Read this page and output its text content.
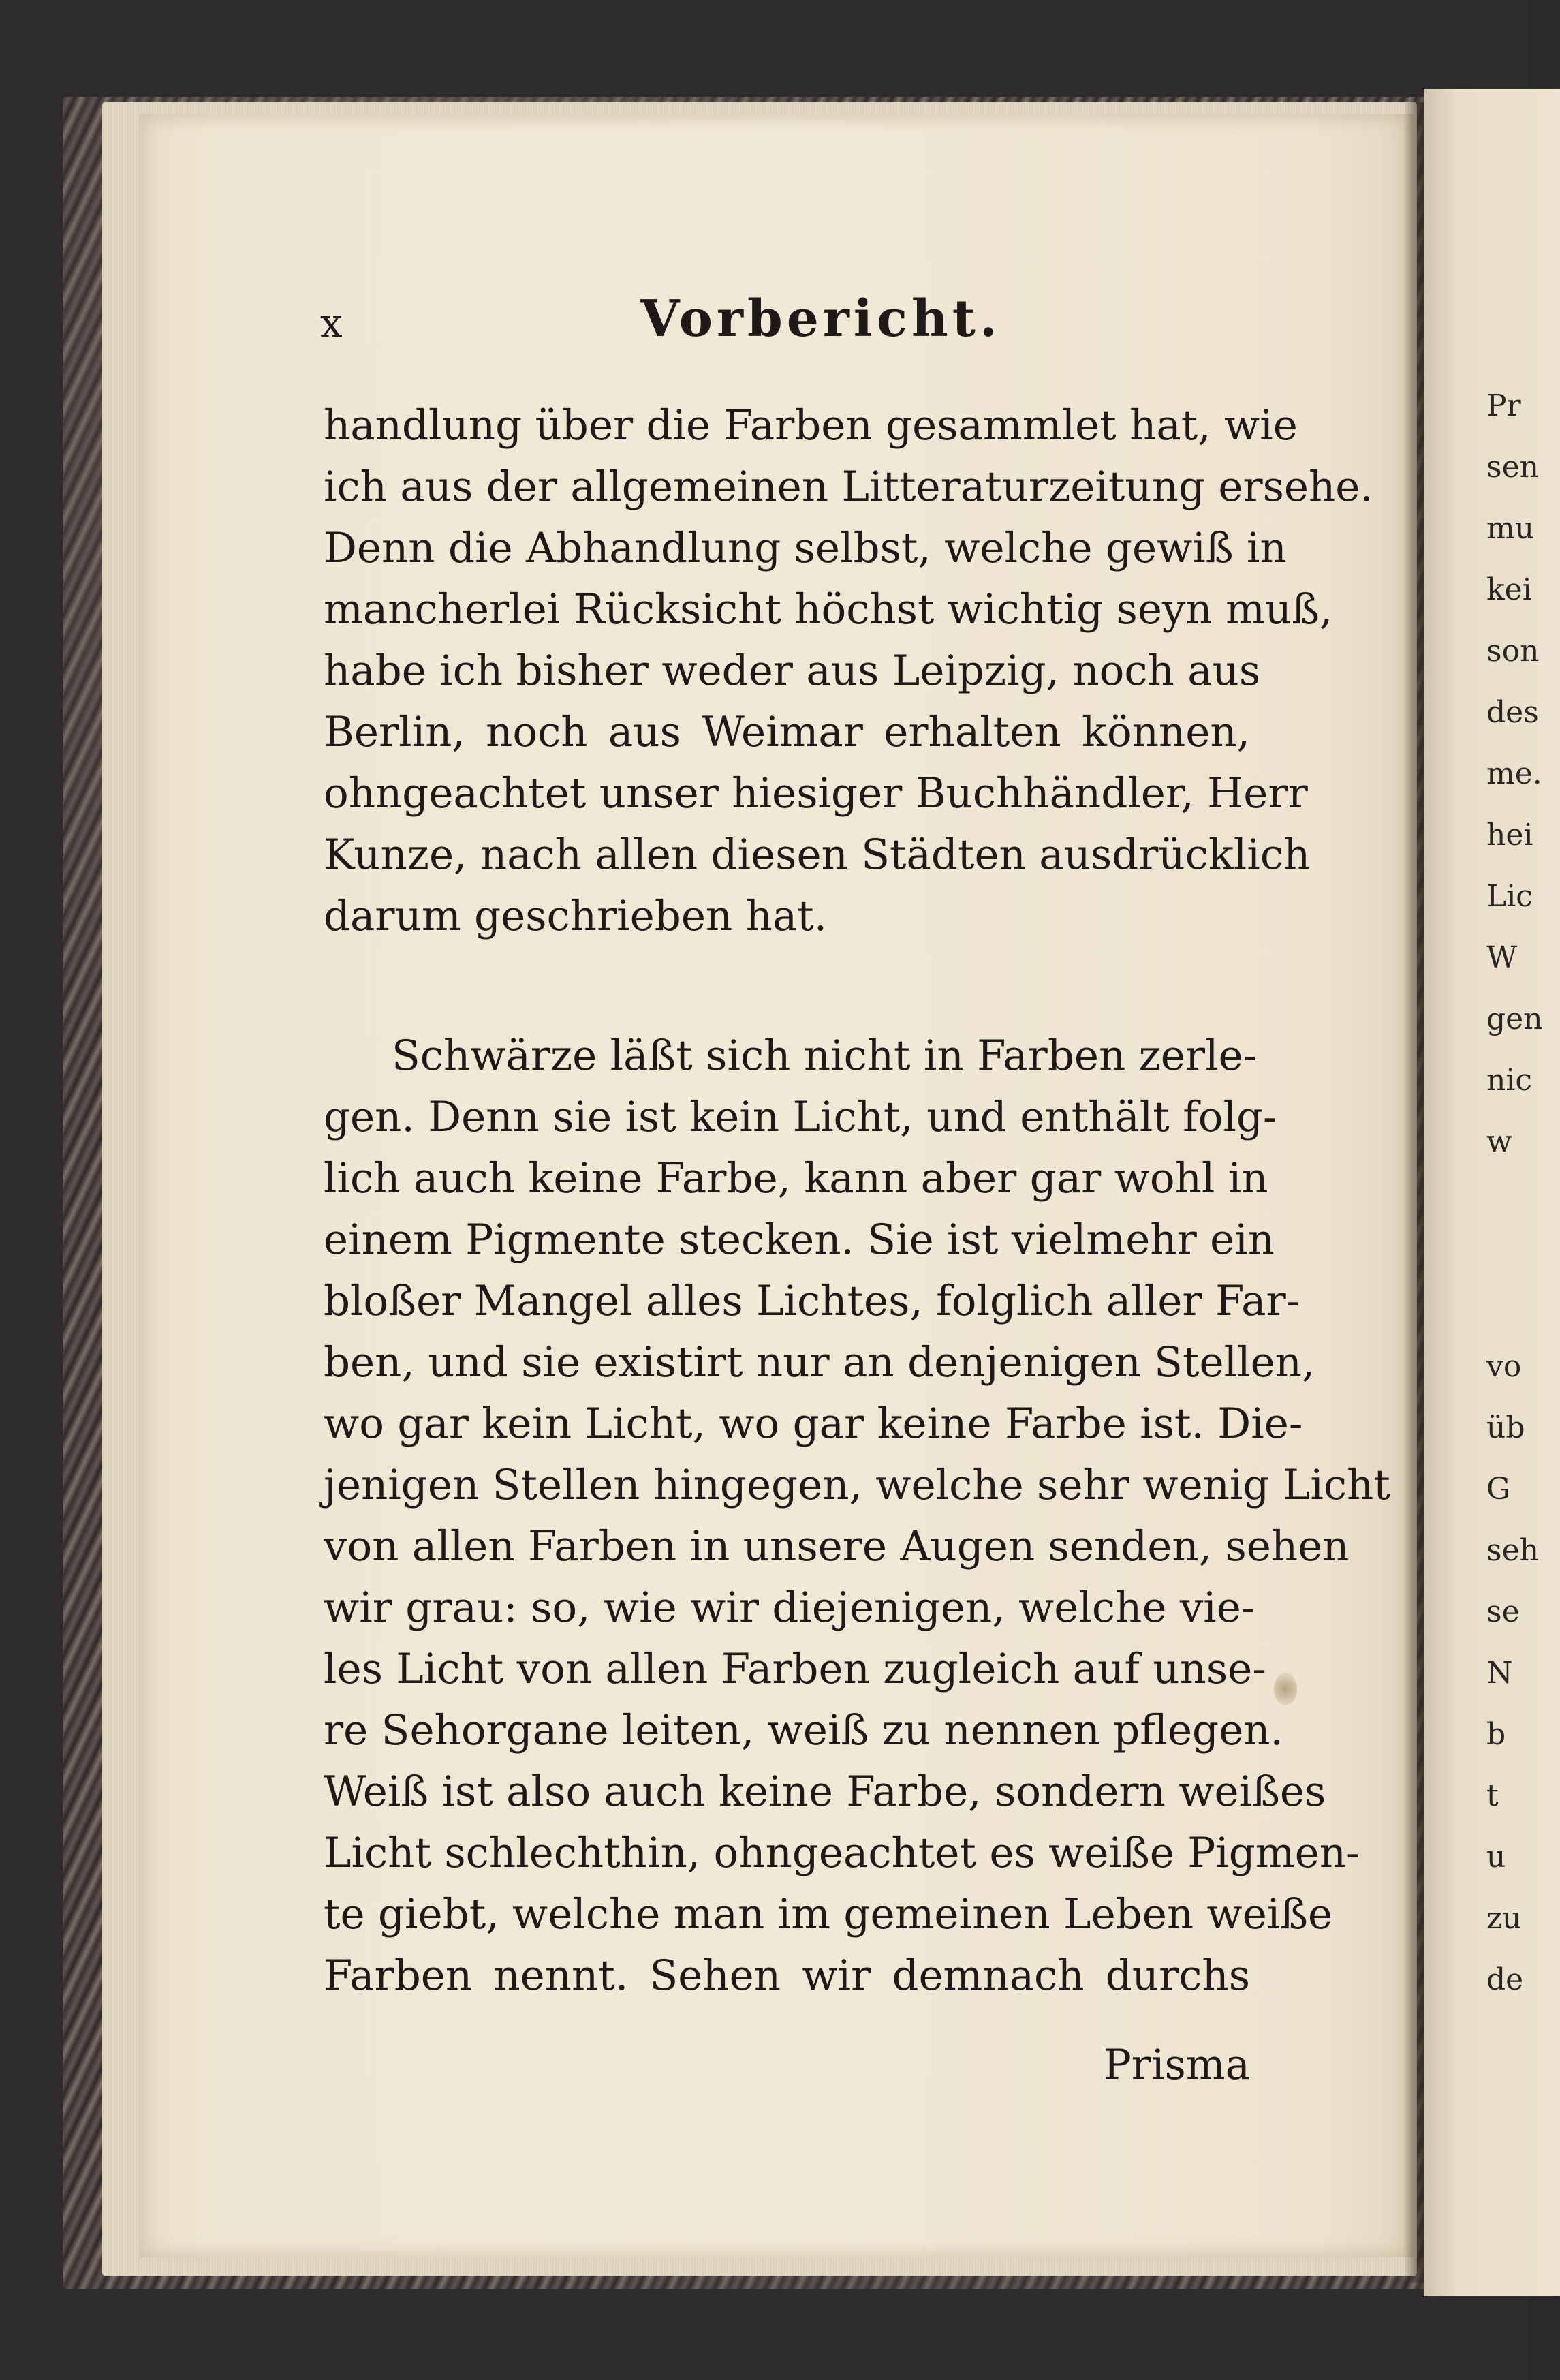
x	Vorbericht.
handlung über die Farben gesammlet hat, wie
ich aus der allgemeinen Litteraturzeitung ersehe.
Denn die Abhandlung selbst, welche gewiß in
mancherlei Rücksicht höchst wichtig seyn muß,
habe ich bisher weder aus Leipzig, noch aus
Berlin, noch aus Weimar erhalten können,
ohngeachtet unser hiesiger Buchhändler, Herr
Kunze, nach allen diesen Städten ausdrücklich
darum geschrieben hat.
Schwärze läßt sich nicht in Farben zerle-
gen. Denn sie ist kein Licht, und enthält folg-
lich auch keine Farbe, kann aber gar wohl in
einem Pigmente stecken. Sie ist vielmehr ein
bloßer Mangel alles Lichtes, folglich aller Far-
ben, und sie existirt nur an denjenigen Stellen,
wo gar kein Licht, wo gar keine Farbe ist. Die-
jenigen Stellen hingegen, welche sehr wenig Licht
von allen Farben in unsere Augen senden, sehen
wir grau: so, wie wir diejenigen, welche vie-
les Licht von allen Farben zugleich auf unse-
re Sehorgane leiten, weiß zu nennen pflegen.
Weiß ist also auch keine Farbe, sondern weißes
Licht schlechthin, ohngeachtet es weiße Pigmen-
te giebt, welche man im gemeinen Leben weiße
Farben nennt. Sehen wir demnach durchs
Prisma
Pr
sen
mu
kei
son
des
me.
hei
Lic
W
gen
nic
w
vo
üb
G
seh
se
N
b
t
u
zu
de
